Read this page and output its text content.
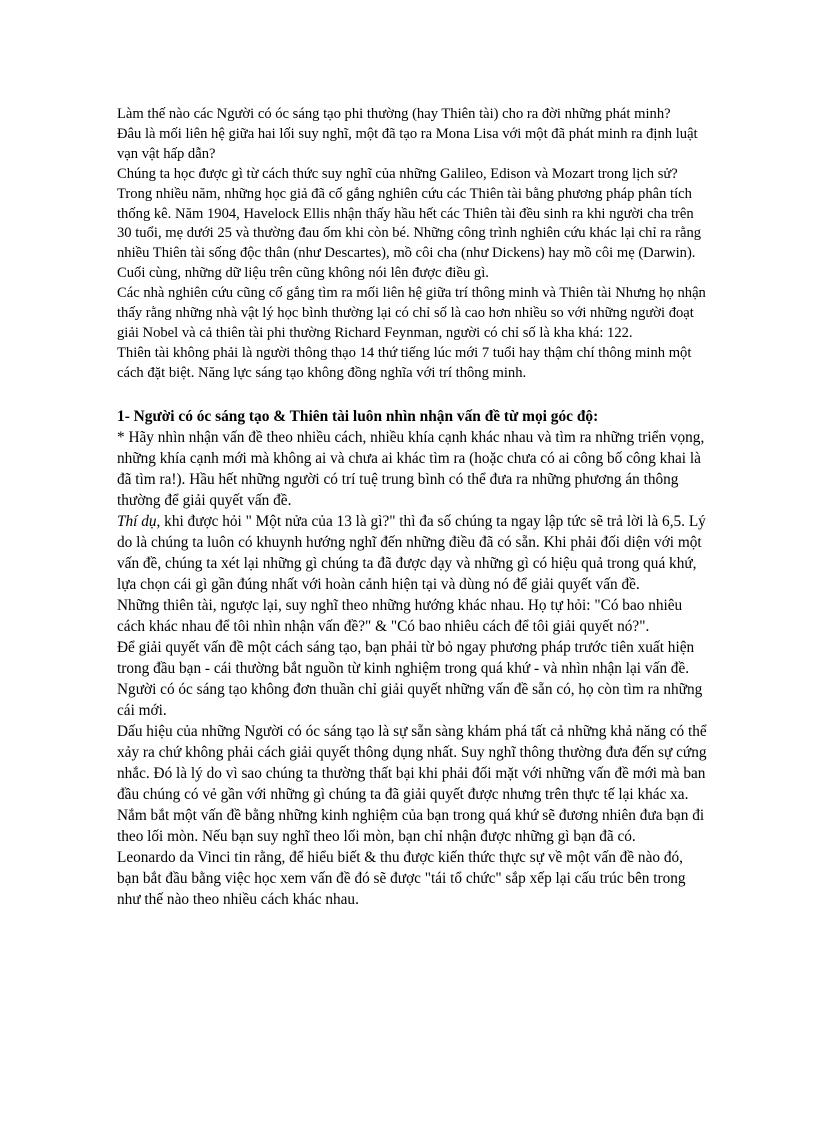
Làm thế nào các Người có óc sáng tạo phi thường (hay Thiên tài) cho ra đời những phát minh?

Đâu là mối liên hệ giữa hai lối suy nghĩ, một đã tạo ra Mona Lisa với một đã phát minh ra định luật vạn vật hấp dẫn?

Chúng ta học được gì từ cách thức suy nghĩ của những Galileo, Edison và Mozart trong lịch sử?

Trong nhiều năm, những học giả đã cố gắng nghiên cứu các Thiên tài bằng phương pháp phân tích thống kê. Năm 1904, Havelock Ellis nhận thấy hầu hết các Thiên tài đều sinh ra khi người cha trên 30 tuổi, mẹ dưới 25 và thường đau ốm khi còn bé. Những công trình nghiên cứu khác lại chỉ ra rằng nhiều Thiên tài sống độc thân (như Descartes), mồ côi cha (như Dickens) hay mồ côi mẹ (Darwin). Cuối cùng, những dữ liệu trên cũng không nói lên được điều gì.

Các nhà nghiên cứu cũng cố gắng tìm ra mối liên hệ giữa trí thông minh và Thiên tài Nhưng họ nhận thấy rằng những nhà vật lý học bình thường lại có chỉ số là cao hơn nhiều so với những người đoạt giải Nobel và cả thiên tài phi thường Richard Feynman, người có chỉ số là kha khá: 122.

Thiên tài không phải là người thông thạo 14 thứ tiếng lúc mới 7 tuổi hay thậm chí thông minh một cách đặt biệt. Năng lực sáng tạo không đồng nghĩa với trí thông minh.

1- Người có óc sáng tạo & Thiên tài luôn nhìn nhận vấn đề từ mọi góc độ:

* Hãy nhìn nhận vấn đề theo nhiều cách, nhiều khía cạnh khác nhau và tìm ra những triển vọng, những khía cạnh mới mà không ai và chưa ai khác tìm ra (hoặc chưa có ai công bố công khai là đã tìm ra!). Hầu hết những người có trí tuệ trung bình có thể đưa ra những phương án thông thường để giải quyết vấn đề.

Thí dụ, khi được hỏi " Một nửa của 13 là gì?" thì đa số chúng ta ngay lập tức sẽ trả lời là 6,5. Lý do là chúng ta luôn có khuynh hướng nghĩ đến những điều đã có sẵn. Khi phải đối diện với một vấn đề, chúng ta xét lại những gì chúng ta đã được dạy và những gì có hiệu quả trong quá khứ, lựa chọn cái gì gần đúng nhất với hoàn cảnh hiện tại và dùng nó để giải quyết vấn đề.

Những thiên tài, ngược lại, suy nghĩ theo những hướng khác nhau. Họ tự hỏi: "Có bao nhiêu cách khác nhau để tôi nhìn nhận vấn đề?" & "Có bao nhiêu cách để tôi giải quyết nó?".

Để giải quyết vấn đề một cách sáng tạo, bạn phải từ bỏ ngay phương pháp trước tiên xuất hiện trong đầu bạn - cái thường bắt nguồn từ kinh nghiệm trong quá khứ - và nhìn nhận lại vấn đề. Người có óc sáng tạo không đơn thuần chỉ giải quyết những vấn đề sẵn có, họ còn tìm ra những cái mới.

Dấu hiệu của những Người có óc sáng tạo là sự sẵn sàng khám phá tất cả những khả năng có thể xảy ra chứ không phải cách giải quyết thông dụng nhất. Suy nghĩ thông thường đưa đến sự cứng nhắc. Đó là lý do vì sao chúng ta thường thất bại khi phải đối mặt với những vấn đề mới mà ban đầu chúng có vẻ gần với những gì chúng ta đã giải quyết được nhưng trên thực tế lại khác xa. Nắm bắt một vấn đề bằng những kinh nghiệm của bạn trong quá khứ sẽ đương nhiên đưa bạn đi theo lối mòn. Nếu bạn suy nghĩ theo lối mòn, bạn chỉ nhận được những gì bạn đã có.

Leonardo da Vinci tin rằng, để hiểu biết & thu được kiến thức thực sự về một vấn đề nào đó, bạn bắt đầu bằng việc học xem vấn đề đó sẽ được "tái tổ chức" sắp xếp lại cấu trúc bên trong như thế nào theo nhiều cách khác nhau.
